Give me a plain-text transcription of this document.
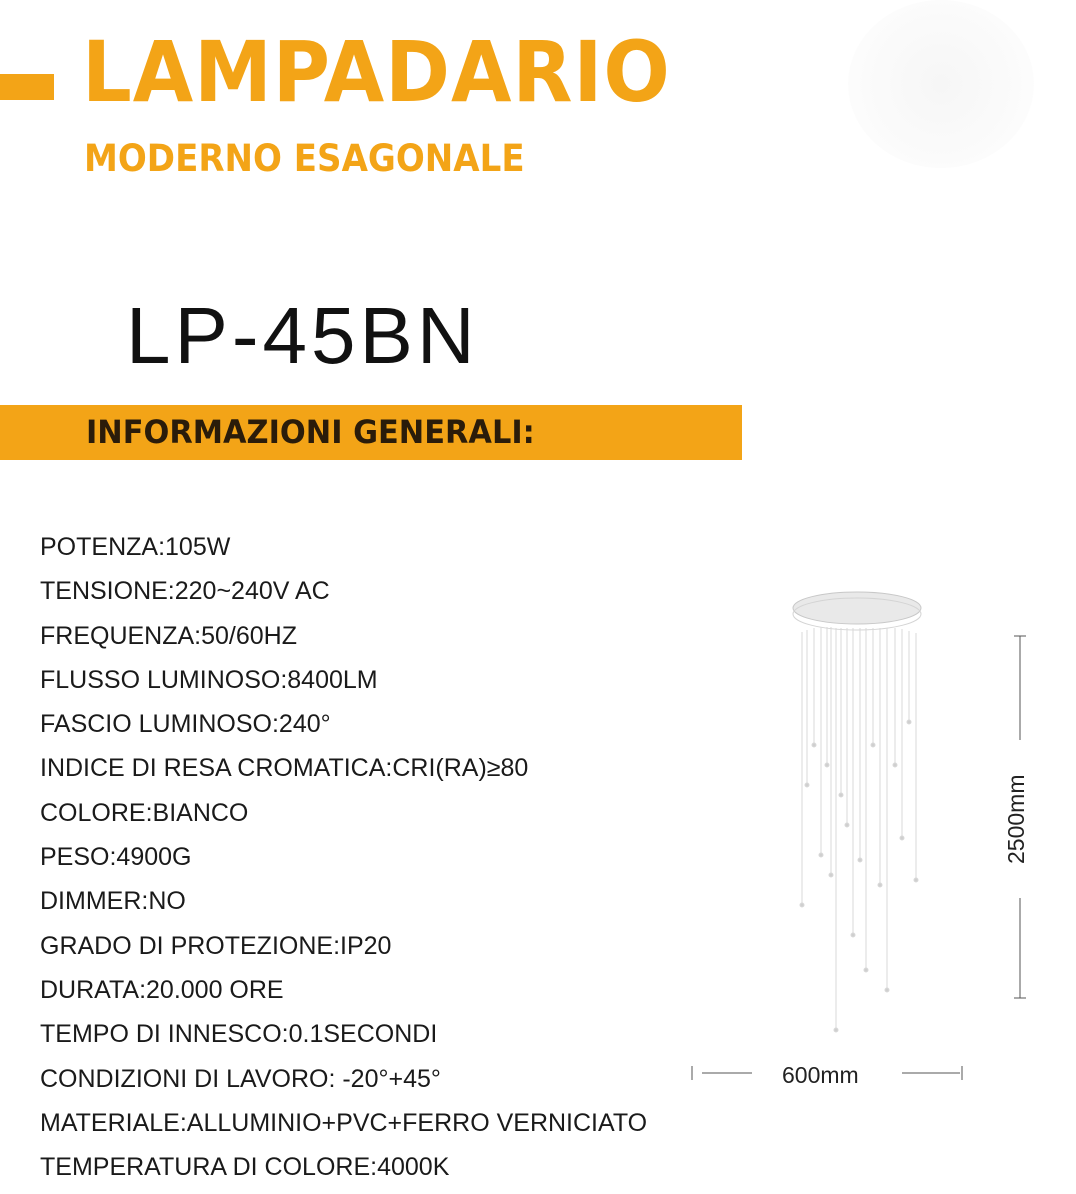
LAMPADARIO
MODERNO ESAGONALE
LP-45BN
INFORMAZIONI GENERALI:
POTENZA:105W
TENSIONE:220~240V AC
FREQUENZA:50/60HZ
FLUSSO LUMINOSO:8400LM
FASCIO LUMINOSO:240°
INDICE DI RESA CROMATICA:CRI(RA)≥80
COLORE:BIANCO
PESO:4900G
DIMMER:NO
GRADO DI PROTEZIONE:IP20
DURATA:20.000 ORE
TEMPO DI INNESCO:0.1SECONDI
CONDIZIONI DI LAVORO: -20°+45°
MATERIALE:ALLUMINIO+PVC+FERRO VERNICIATO
TEMPERATURA DI COLORE:4000K
600mm
2500mm
